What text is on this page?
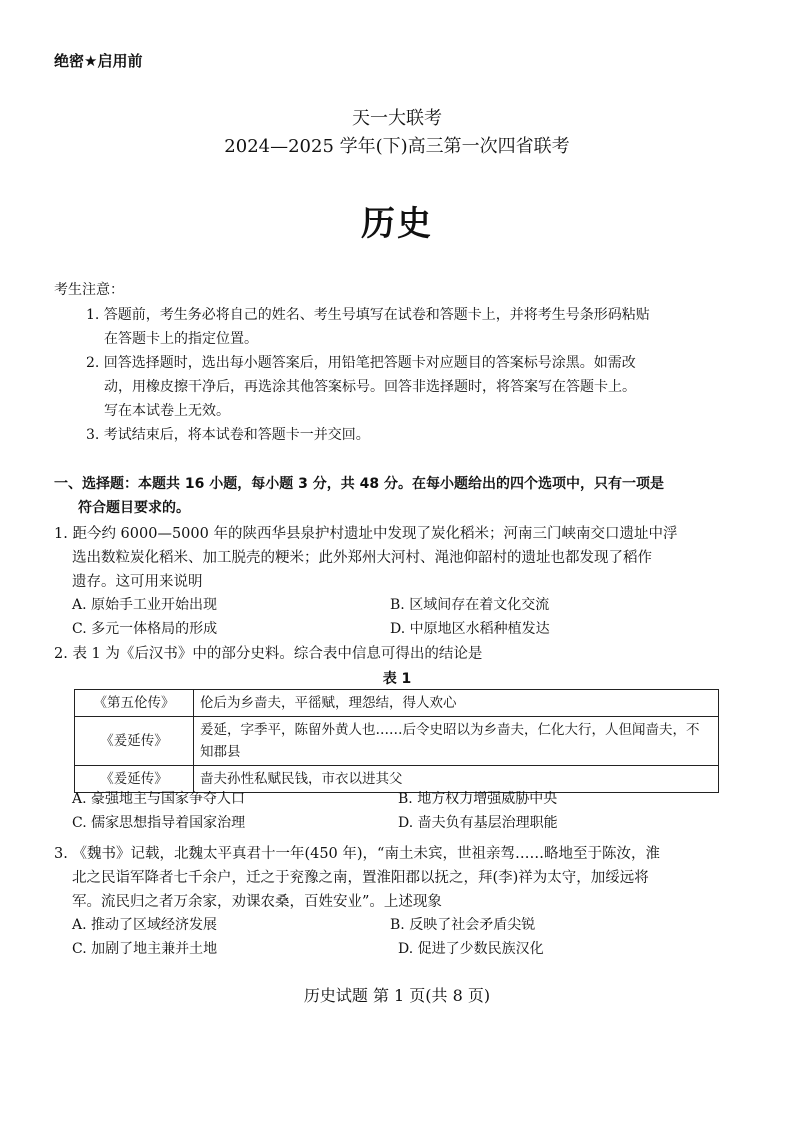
绝密★启用前
天一大联考
2024—2025 学年(下)高三第一次四省联考
历史
考生注意：
1. 答题前，考生务必将自己的姓名、考生号填写在试卷和答题卡上，并将考生号条形码粘贴
在答题卡上的指定位置。
2. 回答选择题时，选出每小题答案后，用铅笔把答题卡对应题目的答案标号涂黑。如需改
动，用橡皮擦干净后，再选涂其他答案标号。回答非选择题时，将答案写在答题卡上。
写在本试卷上无效。
3. 考试结束后，将本试卷和答题卡一并交回。
一、选择题：本题共 16 小题，每小题 3 分，共 48 分。在每小题给出的四个选项中，只有一项是
符合题目要求的。
1. 距今约 6000—5000 年的陕西华县泉护村遗址中发现了炭化稻米；河南三门峡南交口遗址中浮
选出数粒炭化稻米、加工脱壳的粳米；此外郑州大河村、渑池仰韶村的遗址也都发现了稻作
遗存。这可用来说明
A. 原始手工业开始出现	B. 区域间存在着文化交流
C. 多元一体格局的形成	D. 中原地区水稻种植发达
2. 表 1 为《后汉书》中的部分史料。综合表中信息可得出的结论是
表 1
《第五伦传》	伦后为乡啬夫，平徭赋，理怨结，得人欢心
《爰延传》	爰延，字季平，陈留外黄人也……后令史昭以为乡啬夫，仁化大行，人但闻啬夫，不知郡县
《爰延传》	啬夫孙性私赋民钱，市衣以进其父
A. 豪强地主与国家争夺人口	B. 地方权力增强威胁中央
C. 儒家思想指导着国家治理	D. 啬夫负有基层治理职能
3. 《魏书》记载，北魏太平真君十一年(450 年)，“南土未宾，世祖亲驾……略地至于陈汝，淮
北之民诣军降者七千余户，迁之于兖豫之南，置淮阳郡以抚之，拜(李)祥为太守，加绥远将
军。流民归之者万余家，劝课农桑，百姓安业”。上述现象
A. 推动了区域经济发展	B. 反映了社会矛盾尖锐
C. 加剧了地主兼并土地	D. 促进了少数民族汉化
历史试题 第 1 页(共 8 页)
